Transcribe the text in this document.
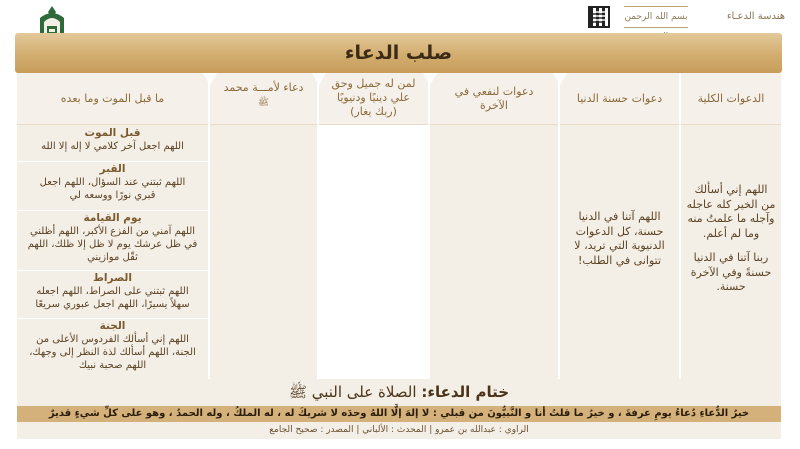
بسم الله الرحمن	هندسة الدعـاء
صلب الدعاء
الدعوات الكلية
اللهم إني أسألك
من الخير كله عاجله
وآجله ما علمتُ منه
وما لم أعلم.
ربنا آتنا في الدنيا
حسنةً وفي الآخرة
حسنة.
دعوات حسنة الدنيا
اللهم آتنا في الدنيا
حسنة، كل الدعوات
الدنيوية التي تريد، لا
تتوانى في الطلب!
دعوات لنفعي في
الآخرة
لمن له جميل وحق
علي دينيًا ودنيويًا
(ربك يغار)
دعاء لأمـــة محمد
ﷺ
ما قبل الموت وما بعده
قبل الموت
اللهم اجعل آخر كلامي لا إله إلا الله
القبر
اللهم ثبتني عند السؤال، اللهم اجعل
قبري نورًا ووسعه لي
يوم القيامة
اللهم آمني من الفزع الأكبر، اللهم أظلني
في ظل عرشك يوم لا ظل إلا ظلك، اللهم
ثقّل موازيني
الصراط
اللهم ثبتني على الصراط، اللهم اجعله
سهلاً يسيرًا، اللهم اجعل عبوري سريعًا
الجنة
اللهم إني أسألك الفردوس الأعلى من
الجنة، اللهم أسألك لذة النظر إلى وجهك،
اللهم صحبة نبيك
ختام الدعاء: الصلاة على النبي ﷺ
خيرُ الدُّعاءِ دُعاءُ يومِ عرفةَ ، و خيرُ ما قلتُ أنا و النَّبيُّونَ من قبلي : لا إلهَ إلَّا اللهُ وحدَه لا شريكَ له ، له الملكُ ، وله الحمدُ ، وهو على كلِّ شيءٍ قديرٌ
الراوي : عبدالله بن عمرو | المحدث : الألباني | المصدر : صحيح الجامع
